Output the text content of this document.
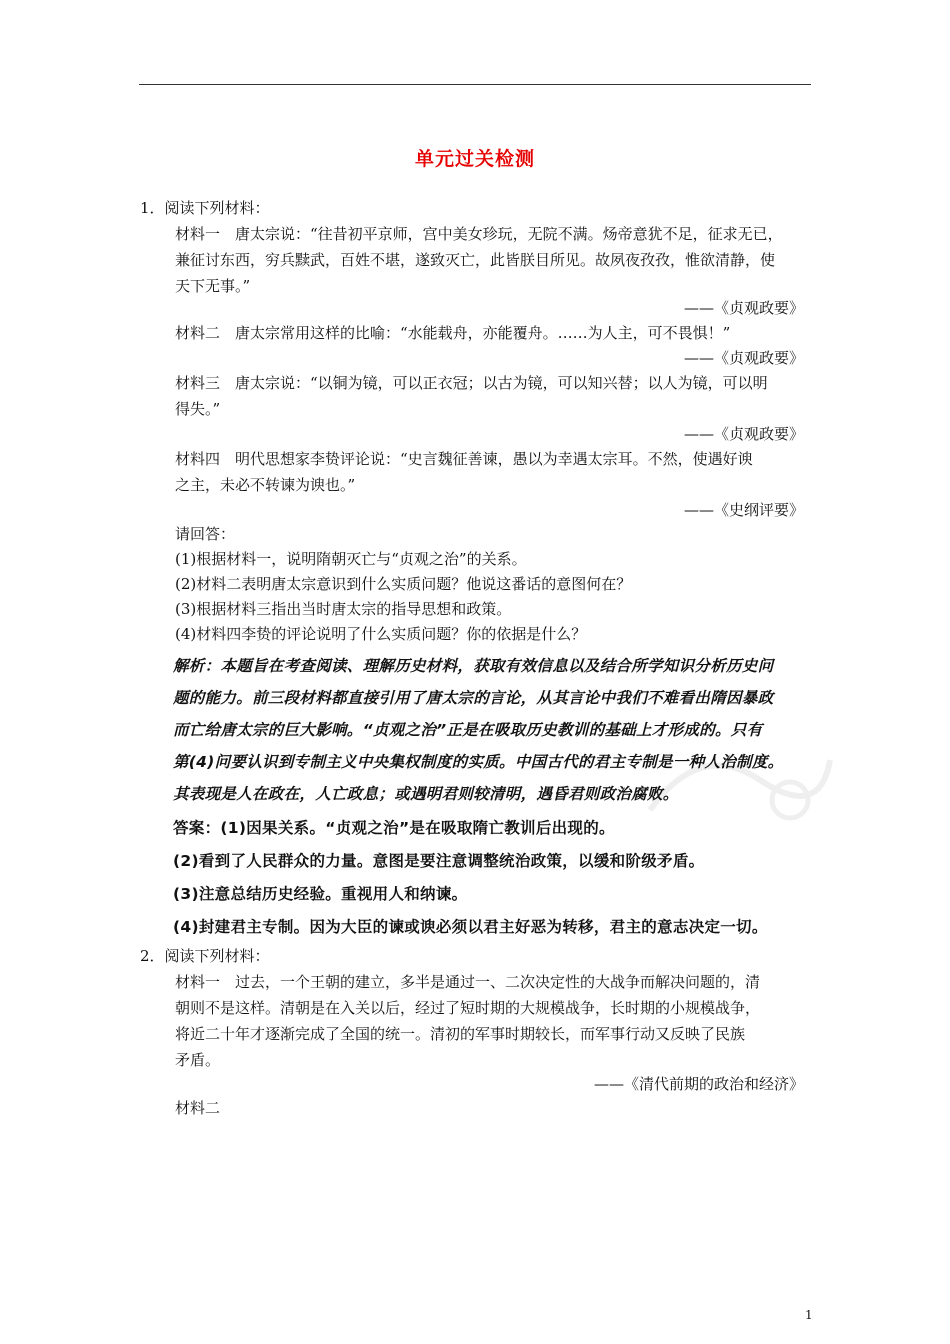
单元过关检测
1．阅读下列材料：
材料一　唐太宗说：“往昔初平京师，宫中美女珍玩，无院不满。炀帝意犹不足，征求无已，
兼征讨东西，穷兵黩武，百姓不堪，遂致灭亡，此皆朕目所见。故夙夜孜孜，惟欲清静，使
天下无事。”
——《贞观政要》
材料二　唐太宗常用这样的比喻：“水能载舟，亦能覆舟。……为人主，可不畏惧！”
——《贞观政要》
材料三　唐太宗说：“以铜为镜，可以正衣冠；以古为镜，可以知兴替；以人为镜，可以明
得失。”
——《贞观政要》
材料四　明代思想家李贽评论说：“史言魏征善谏，愚以为幸遇太宗耳。不然，使遇好谀
之主，未必不转谏为谀也。”
——《史纲评要》
请回答：
(1)根据材料一，说明隋朝灭亡与“贞观之治”的关系。
(2)材料二表明唐太宗意识到什么实质问题？他说这番话的意图何在？
(3)根据材料三指出当时唐太宗的指导思想和政策。
(4)材料四李贽的评论说明了什么实质问题？你的依据是什么？
解析：本题旨在考查阅读、理解历史材料，获取有效信息以及结合所学知识分析历史问
题的能力。前三段材料都直接引用了唐太宗的言论，从其言论中我们不难看出隋因暴政
而亡给唐太宗的巨大影响。“贞观之治”正是在吸取历史教训的基础上才形成的。只有
第(4)问要认识到专制主义中央集权制度的实质。中国古代的君主专制是一种人治制度。
其表现是人在政在，人亡政息；或遇明君则较清明，遇昏君则政治腐败。
答案：(1)因果关系。“贞观之治”是在吸取隋亡教训后出现的。
(2)看到了人民群众的力量。意图是要注意调整统治政策，以缓和阶级矛盾。
(3)注意总结历史经验。重视用人和纳谏。
(4)封建君主专制。因为大臣的谏或谀必须以君主好恶为转移，君主的意志决定一切。
2．阅读下列材料：
材料一　过去，一个王朝的建立，多半是通过一、二次决定性的大战争而解决问题的，清
朝则不是这样。清朝是在入关以后，经过了短时期的大规模战争，长时期的小规模战争，
将近二十年才逐渐完成了全国的统一。清初的军事时期较长，而军事行动又反映了民族
矛盾。
——《清代前期的政治和经济》
材料二
1
